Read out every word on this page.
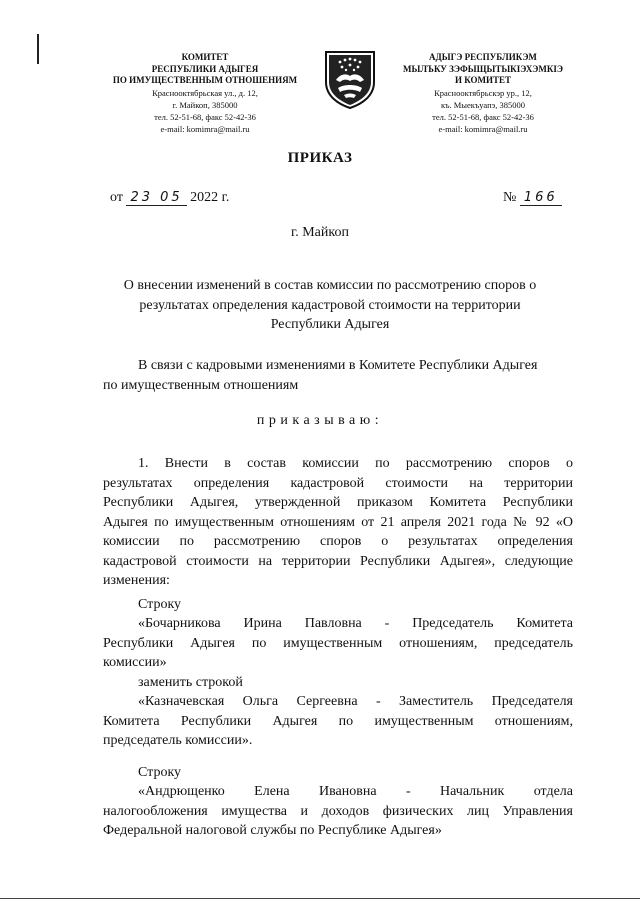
КОМИТЕТ
РЕСПУБЛИКИ АДЫГЕЯ
ПО ИМУЩЕСТВЕННЫМ ОТНОШЕНИЯМ
Краснооктябрьская ул., д. 12,
г. Майкоп, 385000
тел. 52-51-68, факс 52-42-36
e-mail: komimra@mail.ru
АДЫГЭ РЕСПУБЛИКЭМ
МЫЛЪКУ ЗЭФЫЩЫТЫКIЭХЭМКIЭ
И КОМИТЕТ
Краснооктябрьскэр ур., 12,
къ. Мыекъуапэ, 385000
тел. 52-51-68, факс 52-42-36
e-mail: komimra@mail.ru
ПРИКАЗ
от 23 05 2022 г.	№ 166
г. Майкоп
О внесении изменений в состав комиссии по рассмотрению споров о
результатах определения кадастровой стоимости на территории
Республики Адыгея
В связи с кадровыми изменениями в Комитете Республики Адыгея
по имущественным отношениям
приказываю:
1. Внести в состав комиссии по рассмотрению споров о
результатах определения кадастровой стоимости на территории
Республики Адыгея, утвержденной приказом Комитета Республики
Адыгея по имущественным отношениям от 21 апреля 2021 года № 92 «О
комиссии по рассмотрению споров о результатах определения
кадастровой стоимости на территории Республики Адыгея», следующие
изменения:
Строку
«Бочарникова Ирина Павловна - Председатель Комитета
Республики Адыгея по имущественным отношениям, председатель
комиссии»
заменить строкой
«Казначевская Ольга Сергеевна - Заместитель Председателя
Комитета Республики Адыгея по имущественным отношениям,
председатель комиссии».
Строку
«Андрющенко Елена Ивановна - Начальник отдела
налогообложения имущества и доходов физических лиц Управления
Федеральной налоговой службы по Республике Адыгея»
